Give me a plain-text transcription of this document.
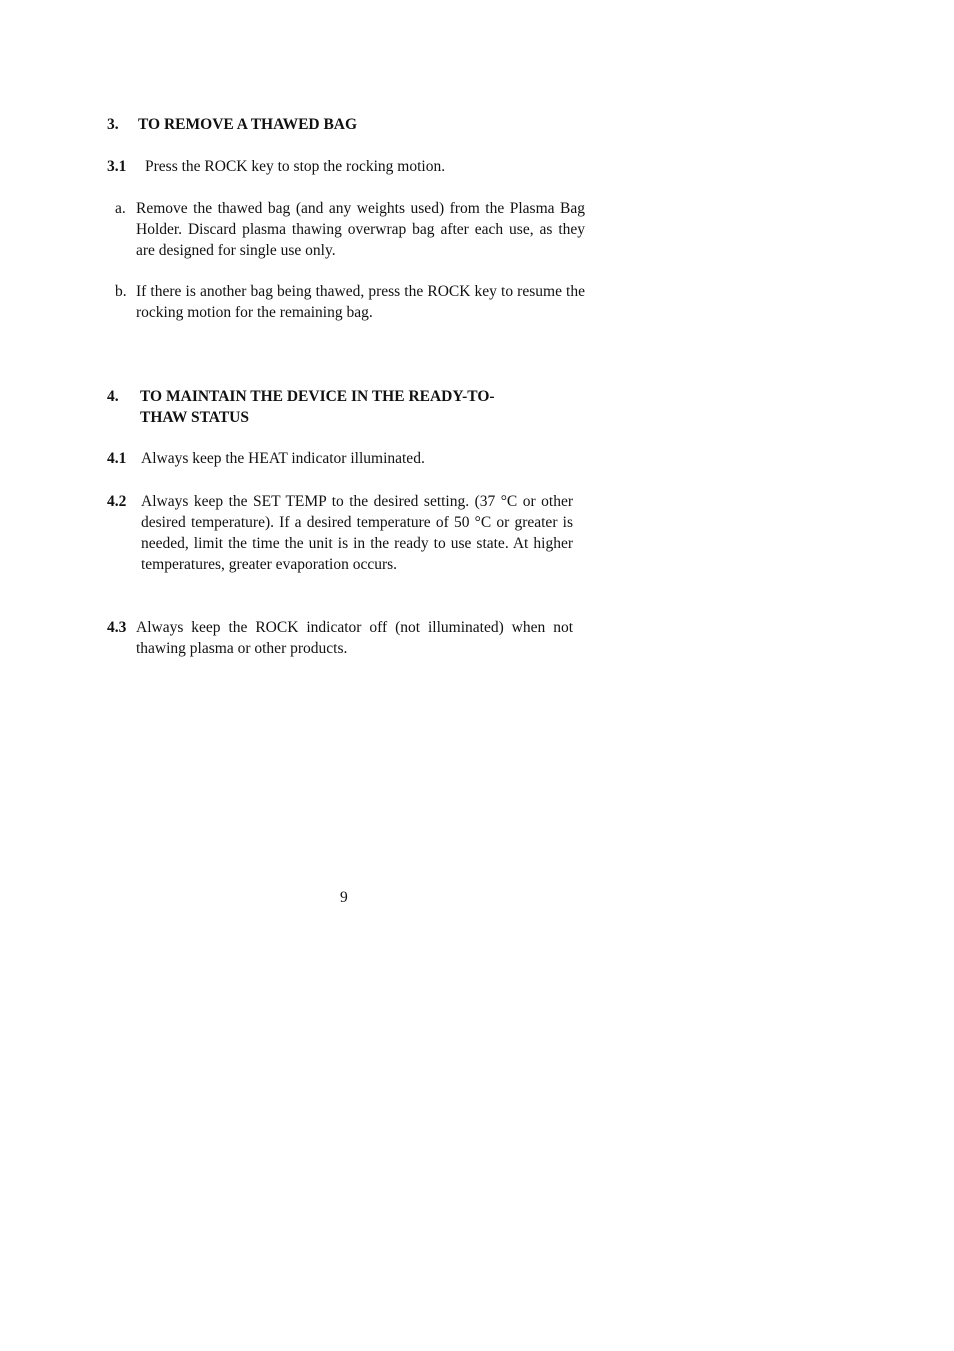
3. TO REMOVE A THAWED BAG
3.1 Press the ROCK key to stop the rocking motion.
a. Remove the thawed bag (and any weights used) from the Plasma Bag Holder. Discard plasma thawing overwrap bag after each use, as they are designed for single use only.
b. If there is another bag being thawed, press the ROCK key to resume the rocking motion for the remaining bag.
4. TO MAINTAIN THE DEVICE IN THE READY-TO-
THAW STATUS
4.1 Always keep the HEAT indicator illuminated.
4.2 Always keep the SET TEMP to the desired setting. (37 °C or other desired temperature). If a desired temperature of 50 °C or greater is needed, limit the time the unit is in the ready to use state. At higher temperatures, greater evaporation occurs.
4.3 Always keep the ROCK indicator off (not illuminated) when not thawing plasma or other products.
9
